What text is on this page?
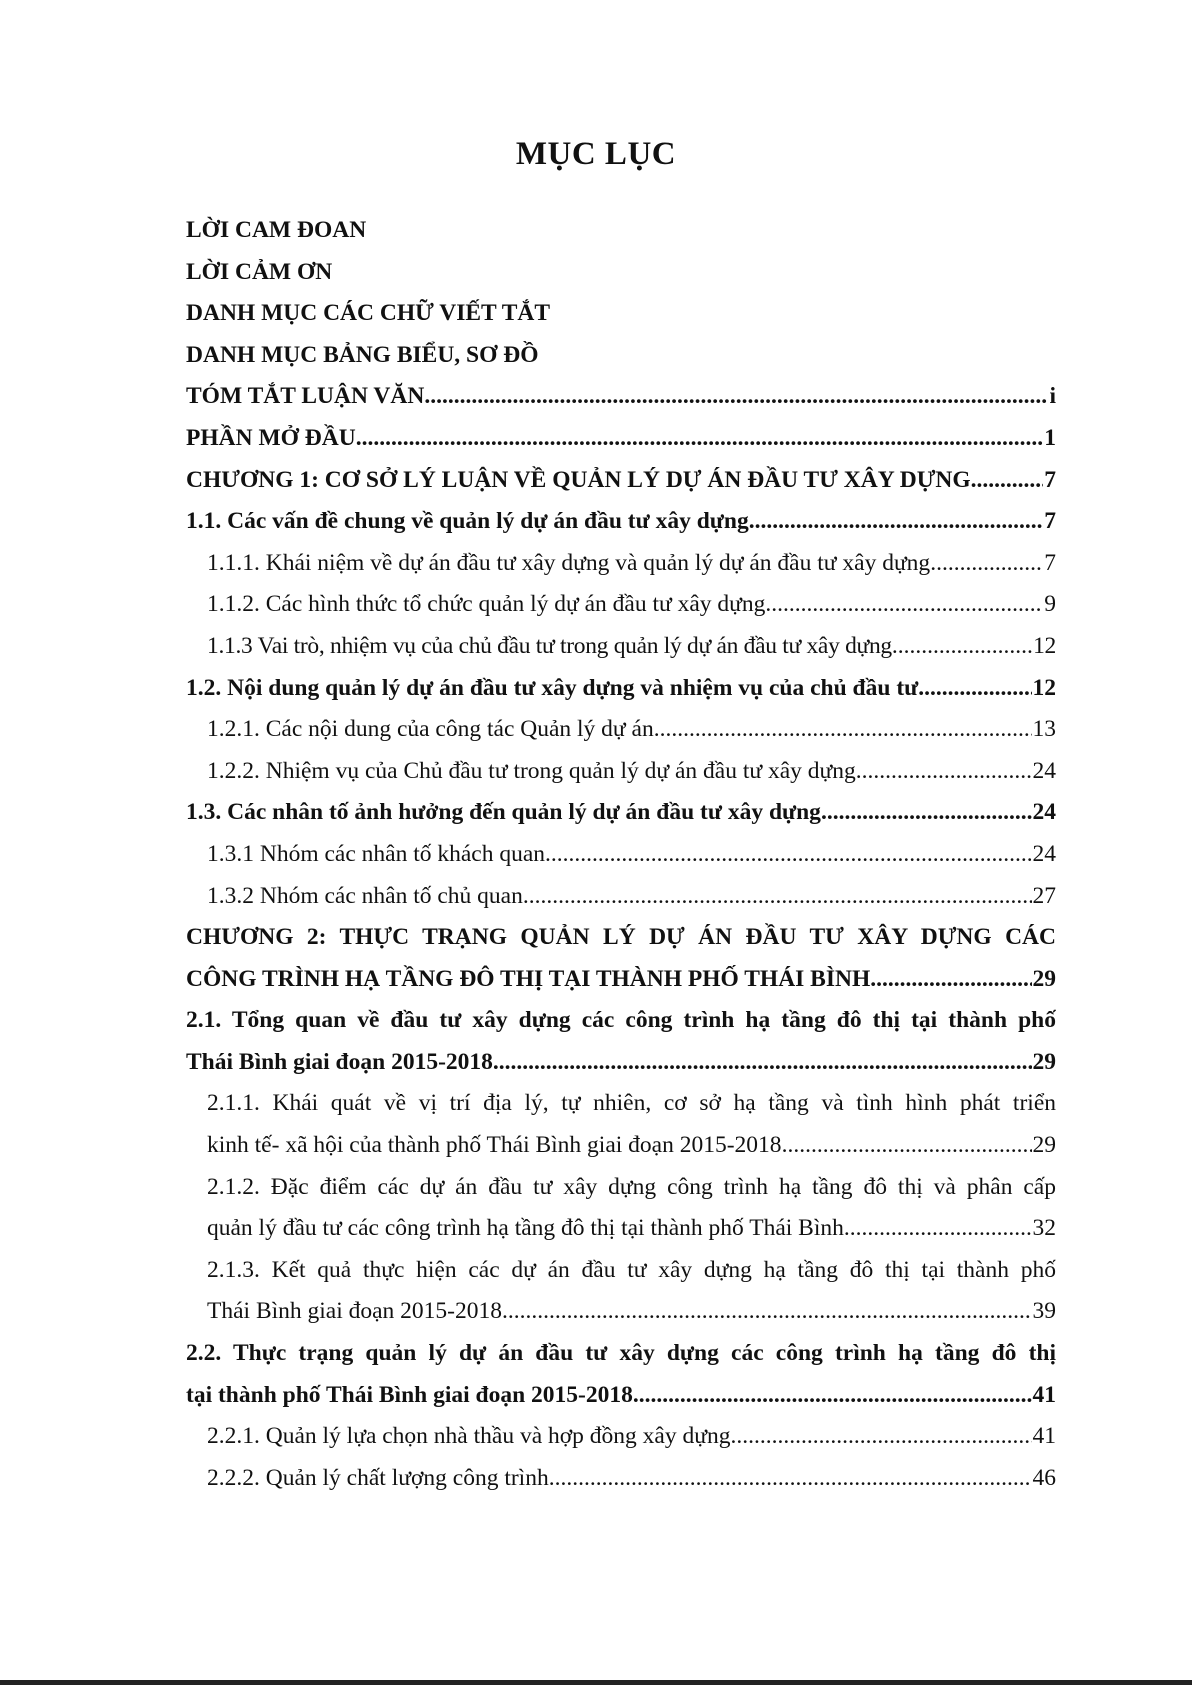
MỤC LỤC
LỜI CAM ĐOAN
LỜI CẢM ƠN
DANH MỤC CÁC CHỮ VIẾT TẮT
DANH MỤC BẢNG BIỂU, SƠ ĐỒ
TÓM TẮT LUẬN VĂN .....	i
PHẦN MỞ ĐẦU .....	1
CHƯƠNG 1: CƠ SỞ LÝ LUẬN VỀ QUẢN LÝ DỰ ÁN ĐẦU TƯ XÂY DỰNG .....	7
1.1. Các vấn đề chung về quản lý dự án đầu tư xây dựng .....	7
1.1.1. Khái niệm về dự án đầu tư xây dựng và quản lý dự án đầu tư xây dựng .....	7
1.1.2. Các hình thức tổ chức quản lý dự án đầu tư xây dựng .....	9
1.1.3 Vai trò, nhiệm vụ của chủ đầu tư trong quản lý dự án đầu tư xây dựng .....	12
1.2. Nội dung quản lý dự án đầu tư xây dựng và nhiệm vụ của chủ đầu tư .....	12
1.2.1. Các nội dung của công tác Quản lý dự án .....	13
1.2.2. Nhiệm vụ của Chủ đầu tư trong quản lý dự án đầu tư xây dựng .....	24
1.3. Các nhân tố ảnh hưởng đến quản lý dự án đầu tư xây dựng .....	24
1.3.1 Nhóm các nhân tố khách quan .....	24
1.3.2 Nhóm các nhân tố chủ quan .....	27
CHƯƠNG 2: THỰC TRẠNG QUẢN LÝ DỰ ÁN ĐẦU TƯ XÂY DỰNG CÁC
CÔNG TRÌNH HẠ TẦNG ĐÔ THỊ TẠI THÀNH PHỐ THÁI BÌNH .....	29
2.1. Tổng quan về đầu tư xây dựng các công trình hạ tầng đô thị tại thành phố
Thái Bình giai đoạn 2015-2018 .....	29
2.1.1. Khái quát về vị trí địa lý, tự nhiên, cơ sở hạ tầng và tình hình phát triển
kinh tế- xã hội của thành phố Thái Bình giai đoạn 2015-2018 .....	29
2.1.2. Đặc điểm các dự án đầu tư xây dựng công trình hạ tầng đô thị và phân cấp
quản lý đầu tư các công trình hạ tầng đô thị tại thành phố Thái Bình .....	32
2.1.3. Kết quả thực hiện các dự án đầu tư xây dựng hạ tầng đô thị tại thành phố
Thái Bình giai đoạn 2015-2018 .....	39
2.2. Thực trạng quản lý dự án đầu tư xây dựng các công trình hạ tầng đô thị
tại thành phố Thái Bình giai đoạn 2015-2018 .....	41
2.2.1. Quản lý lựa chọn nhà thầu và hợp đồng xây dựng .....	41
2.2.2. Quản lý chất lượng công trình .....	46
